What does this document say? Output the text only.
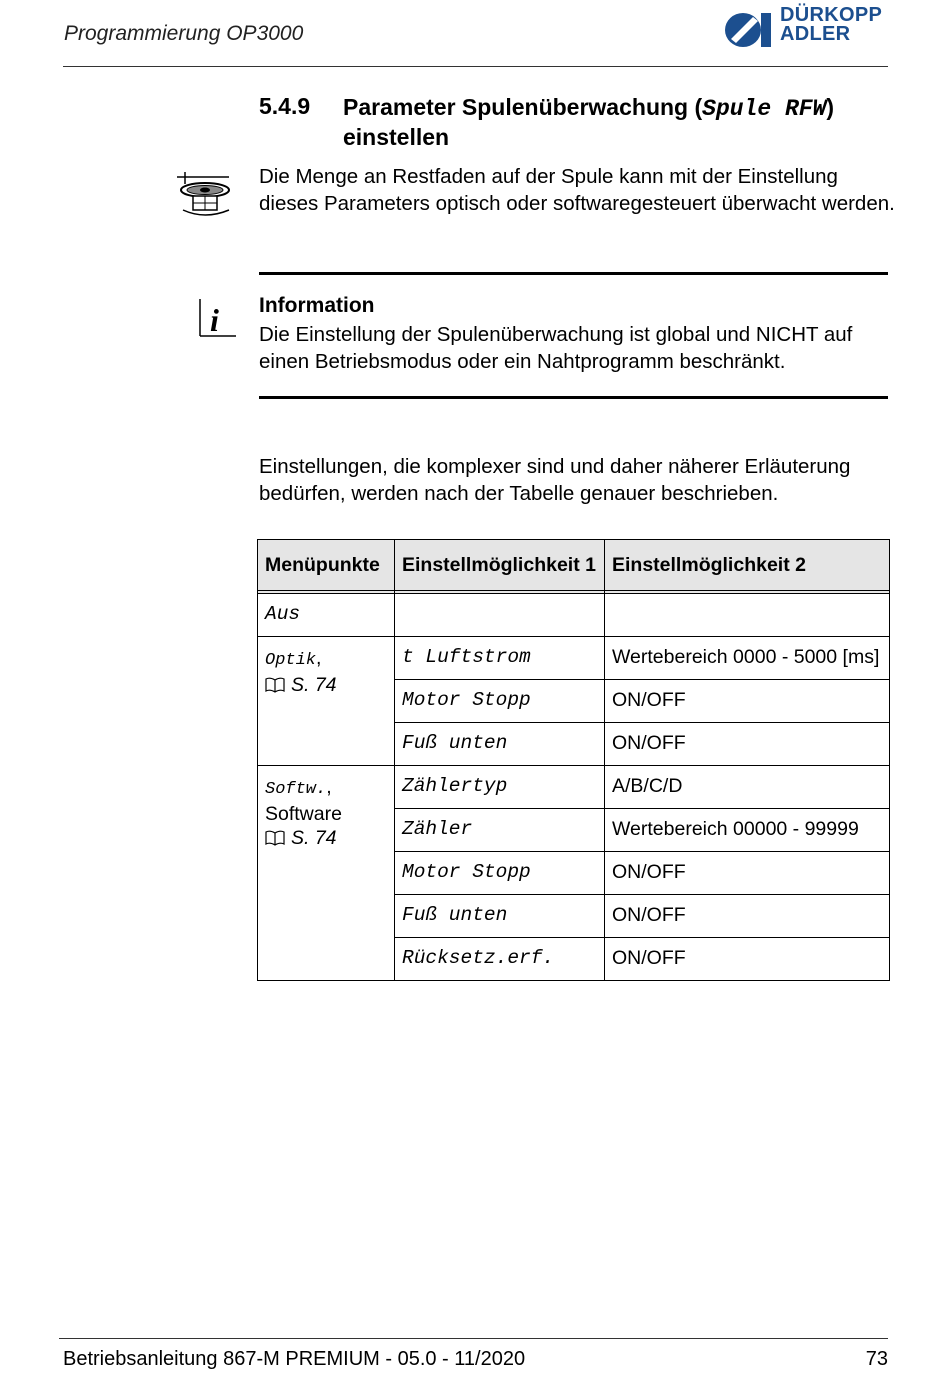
Programmierung OP3000
DÜRKOPP
ADLER
5.4.9 Parameter Spulenüberwachung (Spule RFW)
einstellen
Die Menge an Restfaden auf der Spule kann mit der Einstellung dieses Parameters optisch oder softwaregesteuert überwacht werden.
i Information
Die Einstellung der Spulenüberwachung ist global und NICHT auf einen Betriebsmodus oder ein Nahtprogramm beschränkt.
Einstellungen, die komplexer sind und daher näherer Erläuterung bedürfen, werden nach der Tabelle genauer beschrieben.
Menüpunkte	Einstellmöglichkeit 1	Einstellmöglichkeit 2

Aus		
Optik,
S. 74	t Luftstrom	Wertebereich 0000 - 5000 [ms]
	Motor Stopp	ON/OFF
	Fuß unten	ON/OFF
Softw.,
Software
S. 74	Zählertyp	A/B/C/D
	Zähler	Wertebereich 00000 - 99999
	Motor Stopp	ON/OFF
	Fuß unten	ON/OFF
	Rücksetz.erf.	ON/OFF
Betriebsanleitung 867-M PREMIUM - 05.0 - 11/2020	73
